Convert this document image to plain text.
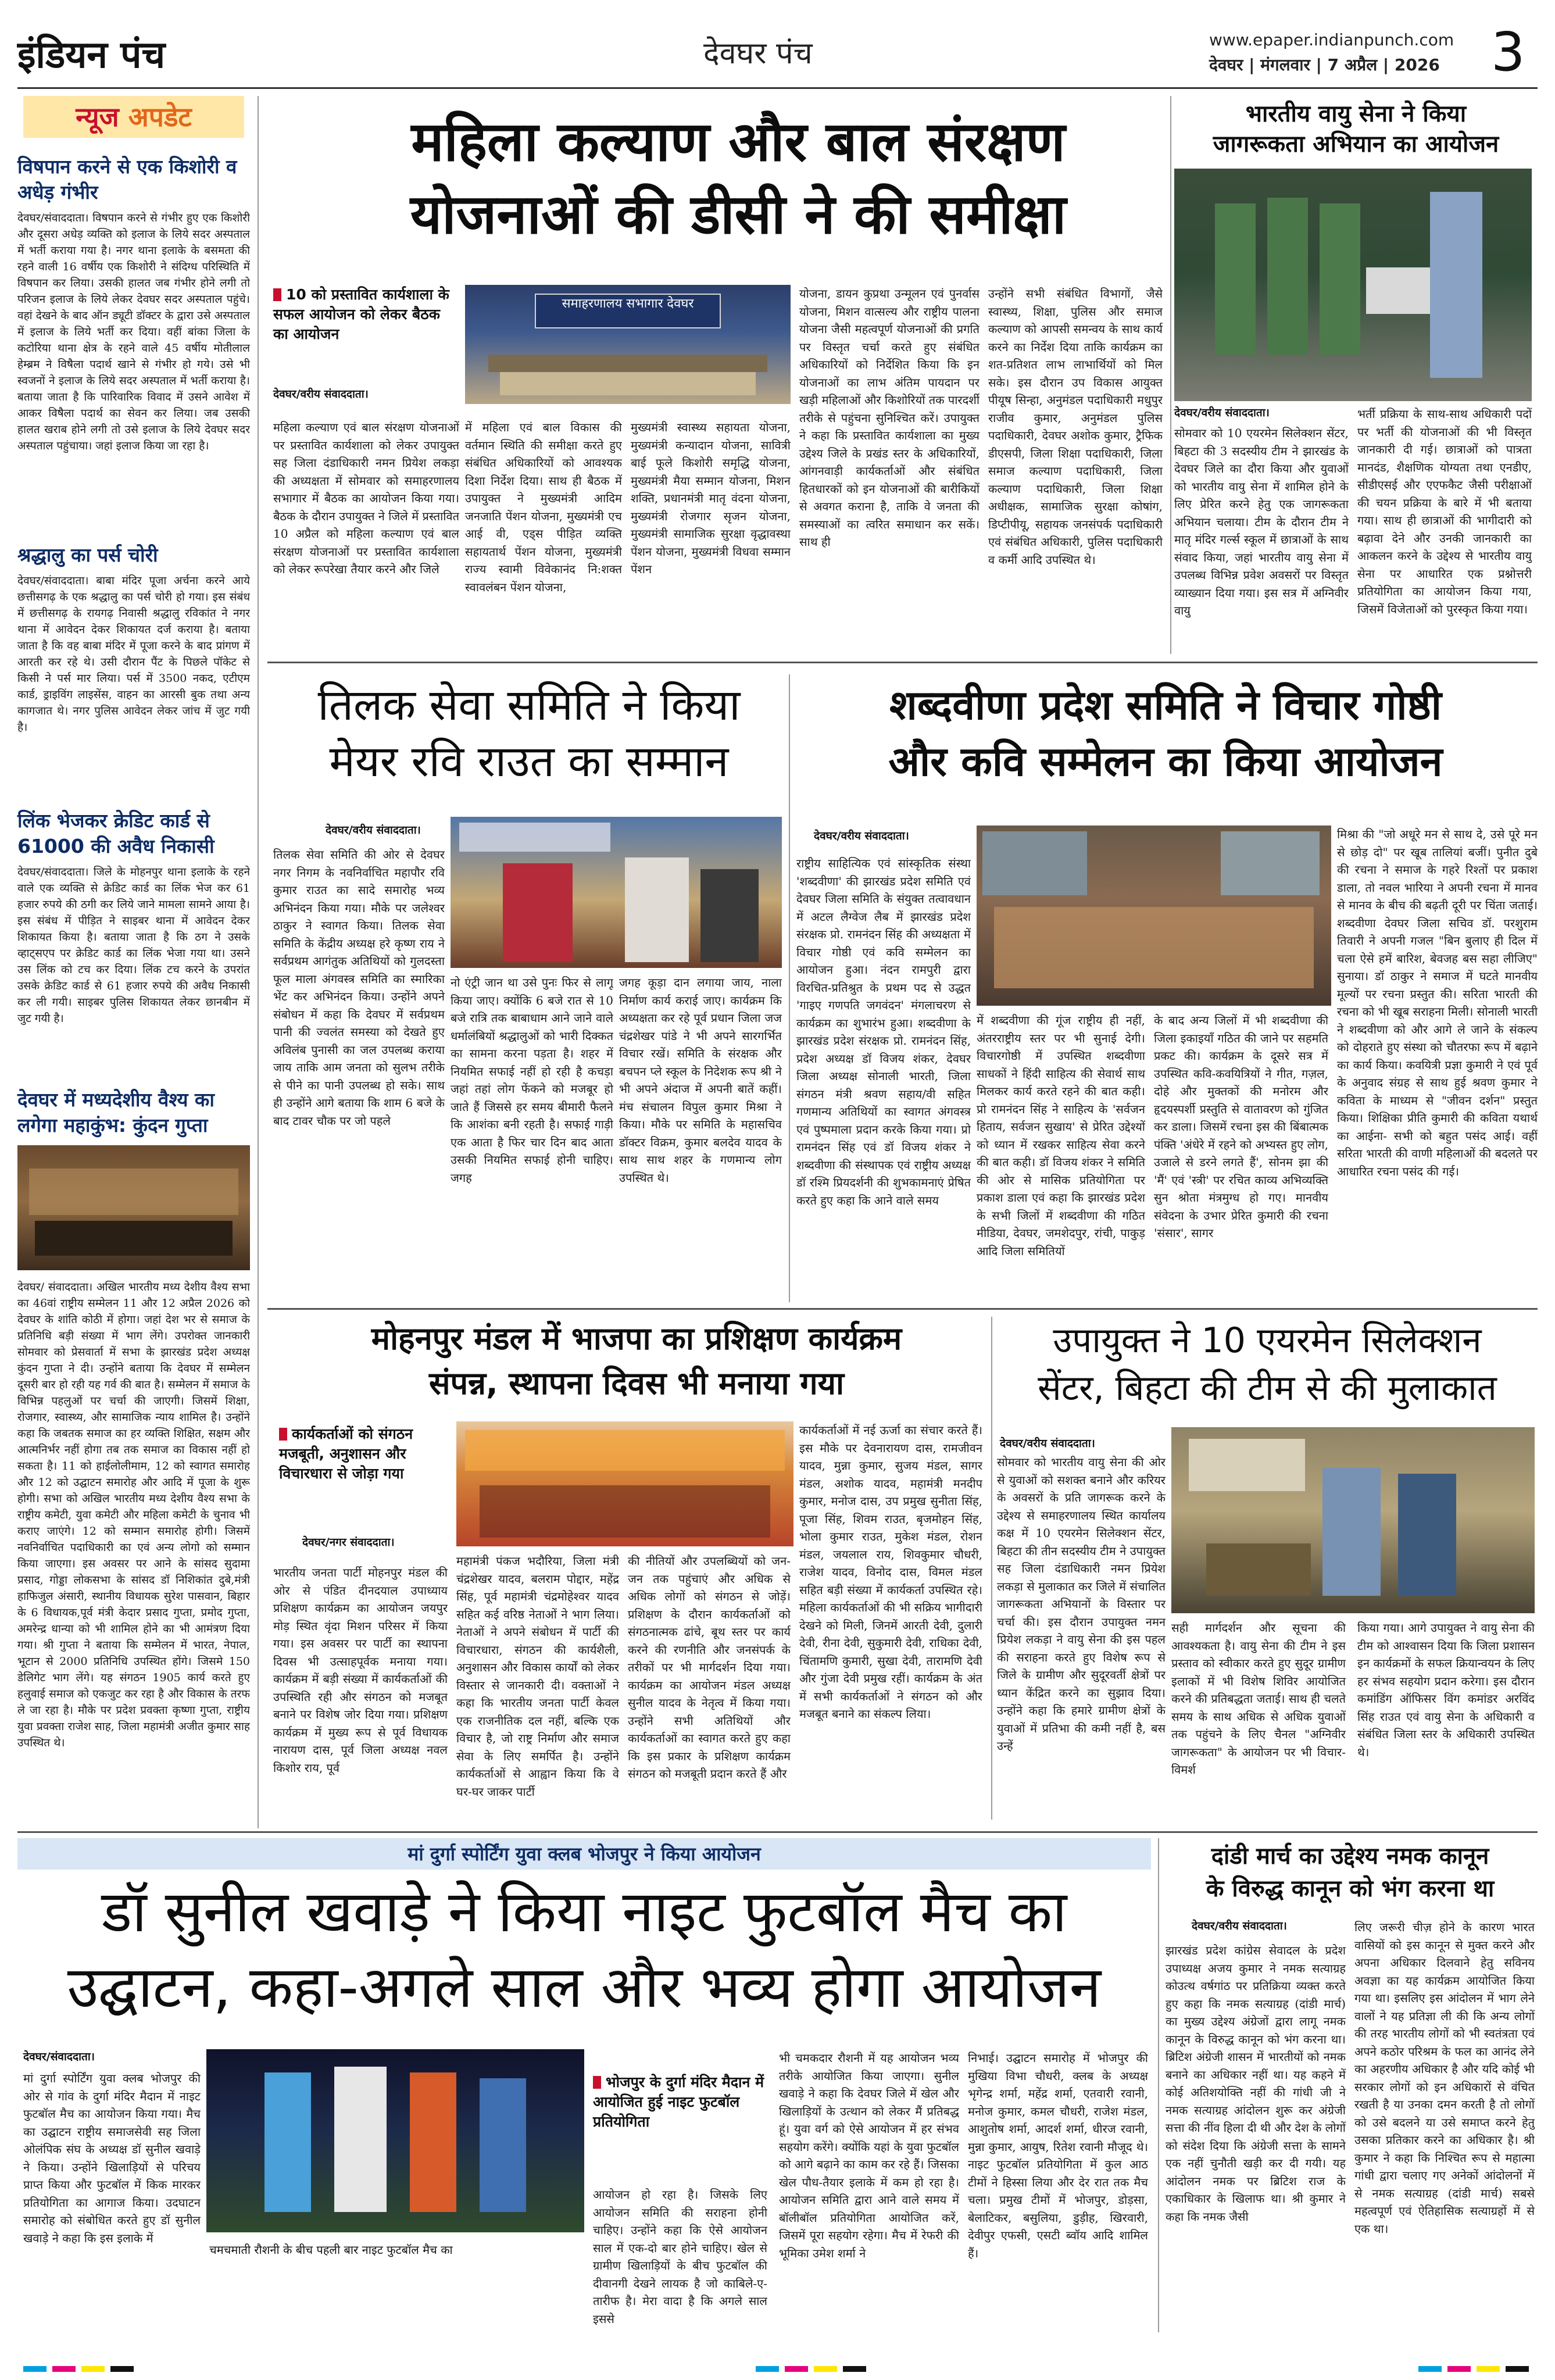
इंडियन पंच	देवघर पंच	www.epaper.indianpunch.com
देवघर | मंगलवार | 7 अप्रैल | 2026 3
न्यूज अपडेट
विषपान करने से एक किशोरी व अधेड़ गंभीर
देवघर/संवाददाता। विषपान करने से गंभीर हुए एक किशोरी और दूसरा अधेड़ व्यक्ति को इलाज के लिये सदर अस्पताल में भर्ती कराया गया है। नगर थाना इलाके के बसमता की रहने वाली 16 वर्षीय एक किशोरी ने संदिग्ध परिस्थिति में विषपान कर लिया। उसकी हालत जब गंभीर होने लगी तो परिजन इलाज के लिये लेकर देवघर सदर अस्पताल पहुंचे। वहां देखने के बाद ऑन ड्यूटी डॉक्टर के द्वारा उसे अस्पताल में इलाज के लिये भर्ती कर दिया। वहीं बांका जिला के कटोरिया थाना क्षेत्र के रहने वाले 45 वर्षीय मोतीलाल हेम्ब्रम ने विषैला पदार्थ खाने से गंभीर हो गये। उसे भी स्वजनों ने इलाज के लिये सदर अस्पताल में भर्ती कराया है। बताया जाता है कि पारिवारिक विवाद में उसने आवेश में आकर विषैला पदार्थ का सेवन कर लिया। जब उसकी हालत खराब होने लगी तो उसे इलाज के लिये देवघर सदर अस्पताल पहुंचाया। जहां इलाज किया जा रहा है।
श्रद्धालु का पर्स चोरी
देवघर/संवाददाता। बाबा मंदिर पूजा अर्चना करने आये छत्तीसगढ़ के एक श्रद्धालु का पर्स चोरी हो गया। इस संबंध में छत्तीसगढ़ के रायगढ़ निवासी श्रद्धालु रविकांत ने नगर थाना में आवेदन देकर शिकायत दर्ज कराया है। बताया जाता है कि वह बाबा मंदिर में पूजा करने के बाद प्रांगण में आरती कर रहे थे। उसी दौरान पैंट के पिछले पॉकेट से किसी ने पर्स मार लिया। पर्स में 3500 नकद, एटीएम कार्ड, ड्राइविंग लाइसेंस, वाहन का आरसी बुक तथा अन्य कागजात थे। नगर पुलिस आवेदन लेकर जांच में जुट गयी है।
लिंक भेजकर क्रेडिट कार्ड से 61000 की अवैध निकासी
देवघर/संवाददाता। जिले के मोहनपुर थाना इलाके के रहने वाले एक व्यक्ति से क्रेडिट कार्ड का लिंक भेज कर 61 हजार रुपये की ठगी कर लिये जाने मामला सामने आया है। इस संबंध में पीड़ित ने साइबर थाना में आवेदन देकर शिकायत किया है। बताया जाता है कि ठग ने उसके व्हाट्सएप पर क्रेडिट कार्ड का लिंक भेजा गया था। उसने उस लिंक को टच कर दिया। लिंक टच करने के उपरांत उसके क्रेडिट कार्ड से 61 हजार रुपये की अवैध निकासी कर ली गयी। साइबर पुलिस शिकायत लेकर छानबीन में जुट गयी है।
देवघर में मध्यदेशीय वैश्य का लगेगा महाकुंभ: कुंदन गुप्ता
देवघर/ संवाददाता। अखिल भारतीय मध्य देशीय वैश्य सभा का 46वां राष्ट्रीय सम्मेलन 11 और 12 अप्रैल 2026 को देवघर के शांति कोठी में होगा। जहां देश भर से समाज के प्रतिनिधि बड़ी संख्या में भाग लेंगे। उपरोक्त जानकारी सोमवार को प्रेसवार्ता में सभा के झारखंड प्रदेश अध्यक्ष कुंदन गुप्ता ने दी। उन्होंने बताया कि देवघर में सम्मेलन दूसरी बार हो रही यह गर्व की बात है। सम्मेलन में समाज के विभिन्न पहलुओं पर चर्चा की जाएगी। जिसमें शिक्षा, रोजगार, स्वास्थ्य, और सामाजिक न्याय शामिल है। उन्होंने कहा कि जबतक समाज का हर व्यक्ति शिक्षित, सक्षम और आत्मनिर्भर नहीं होगा तब तक समाज का विकास नहीं हो सकता है। 11 को हाईलोलीमाम, 12 को स्वागत समारोह और 12 को उद्घाटन समारोह और आदि में पूजा के शुरू होगी। सभा को अखिल भारतीय मध्य देशीय वैश्य सभा के राष्ट्रीय कमेटी, युवा कमेटी और महिला कमेटी के चुनाव भी कराए जाएंगे। 12 को सम्मान समारोह होगी। जिसमें नवनिर्वाचित पदाधिकारी का एवं अन्य लोगो को सम्मान किया जाएगा। इस अवसर पर आने के सांसद सुदामा प्रसाद, गोड्डा लोकसभा के सांसद डॉ निशिकांत दुबे,मंत्री हाफिजुल अंसारी, स्थानीय विधायक सुरेश पासवान, बिहार के 6 विधायक,पूर्व मंत्री केदार प्रसाद गुप्ता, प्रमोद गुप्ता, अमरेन्द्र धान्या को भी शामिल होने का भी आमंत्रण दिया गया। श्री गुप्ता ने बताया कि सम्मेलन में भारत, नेपाल, भूटान से 2000 प्रतिनिधि उपस्थित होंगे। जिसमे 150 डेलिगेट भाग लेंगे। यह संगठन 1905 कार्य करते हुए हलुवाई समाज को एकजुट कर रहा है और विकास के तरफ ले जा रहा है। मौके पर प्रदेश प्रवक्ता कृष्णा गुप्ता, राष्ट्रीय युवा प्रवक्ता राजेश साह, जिला महामंत्री अजीत कुमार साह उपस्थित थे।
महिला कल्याण और बाल संरक्षण
योजनाओं की डीसी ने की समीक्षा
10 को प्रस्तावित कार्यशाला के सफल आयोजन को लेकर बैठक का आयोजन
देवघर/वरीय संवाददाता।
समाहरणालय सभागार देवघर
महिला कल्याण एवं बाल संरक्षण योजनाओं पर प्रस्तावित कार्यशाला को लेकर उपायुक्त सह जिला दंडाधिकारी नमन प्रियेश लकड़ा की अध्यक्षता में सोमवार को समाहरणालय सभागार में बैठक का आयोजन किया गया। बैठक के दौरान उपायुक्त ने जिले में प्रस्तावित 10 अप्रैल को महिला कल्याण एवं बाल संरक्षण योजनाओं पर प्रस्तावित कार्यशाला को लेकर रूपरेखा तैयार करने और जिले
में महिला एवं बाल विकास की वर्तमान स्थिति की समीक्षा करते हुए संबंधित अधिकारियों को आवश्यक दिशा निर्देश दिया। साथ ही बैठक में उपायुक्त ने मुख्यमंत्री आदिम जनजाति पेंशन योजना, मुख्यमंत्री एच आई वी, एड्स पीड़ित व्यक्ति सहायतार्थ पेंशन योजना, मुख्यमंत्री राज्य स्वामी विवेकानंद नि:शक्त स्वावलंबन पेंशन योजना,
मुख्यमंत्री स्वास्थ्य सहायता योजना, मुख्यमंत्री कन्यादान योजना, सावित्री बाई फूले किशोरी समृद्धि योजना, मुख्यमंत्री मैया सम्मान योजना, मिशन शक्ति, प्रधानमंत्री मातृ वंदना योजना, मुख्यमंत्री रोजगार सृजन योजना, मुख्यमंत्री सामाजिक सुरक्षा वृद्धावस्था पेंशन योजना, मुख्यमंत्री विधवा सम्मान पेंशन
योजना, डायन कुप्रथा उन्मूलन एवं पुनर्वास योजना, मिशन वात्सल्य और राष्ट्रीय पालना योजना जैसी महत्वपूर्ण योजनाओं की प्रगति पर विस्तृत चर्चा करते हुए संबंधित अधिकारियों को निर्देशित किया कि इन योजनाओं का लाभ अंतिम पायदान पर खड़ी महिलाओं और किशोरियों तक पारदर्शी तरीके से पहुंचना सुनिश्चित करें। उपायुक्त ने कहा कि प्रस्तावित कार्यशाला का मुख्य उद्देश्य जिले के प्रखंड स्तर के अधिकारियों, आंगनवाड़ी कार्यकर्ताओं और संबंधित हितधारकों को इन योजनाओं की बारीकियों से अवगत कराना है, ताकि वे जनता की समस्याओं का त्वरित समाधान कर सकें। साथ ही
उन्होंने सभी संबंधित विभागों, जैसे स्वास्थ्य, शिक्षा, पुलिस और समाज कल्याण को आपसी समन्वय के साथ कार्य करने का निर्देश दिया ताकि कार्यक्रम का शत-प्रतिशत लाभ लाभार्थियों को मिल सके। इस दौरान उप विकास आयुक्त पीयूष सिन्हा, अनुमंडल पदाधिकारी मधुपुर राजीव कुमार, अनुमंडल पुलिस पदाधिकारी, देवघर अशोक कुमार, ट्रैफिक डीएसपी, जिला शिक्षा पदाधिकारी, जिला समाज कल्याण पदाधिकारी, जिला कल्याण पदाधिकारी, जिला शिक्षा अधीक्षक, सामाजिक सुरक्षा कोषांग, डिप्टीपीयू, सहायक जनसंपर्क पदाधिकारी एवं संबंधित अधिकारी, पुलिस पदाधिकारी व कर्मी आदि उपस्थित थे।
भारतीय वायु सेना ने किया
जागरूकता अभियान का आयोजन
देवघर/वरीय संवाददाता।
सोमवार को 10 एयरमेन सिलेक्शन सेंटर, बिहटा की 3 सदस्यीय टीम ने झारखंड के देवघर जिले का दौरा किया और युवाओं को भारतीय वायु सेना में शामिल होने के लिए प्रेरित करने हेतु एक जागरूकता अभियान चलाया। टीम के दौरान टीम ने मातृ मंदिर गर्ल्स स्कूल में छात्राओं के साथ संवाद किया, जहां भारतीय वायु सेना में उपलब्ध विभिन्न प्रवेश अवसरों पर विस्तृत व्याख्यान दिया गया। इस सत्र में अग्निवीर वायु
भर्ती प्रक्रिया के साथ-साथ अधिकारी पदों पर भर्ती की योजनाओं की भी विस्तृत जानकारी दी गई। छात्राओं को पात्रता मानदंड, शैक्षणिक योग्यता तथा एनडीए, सीडीएसई और एएफकैट जैसी परीक्षाओं की चयन प्रक्रिया के बारे में भी बताया गया। साथ ही छात्राओं की भागीदारी को बढ़ावा देने और उनकी जानकारी का आकलन करने के उद्देश्य से भारतीय वायु सेना पर आधारित एक प्रश्नोत्तरी प्रतियोगिता का आयोजन किया गया, जिसमें विजेताओं को पुरस्कृत किया गया।
तिलक सेवा समिति ने किया
मेयर रवि राउत का सम्मान
देवघर/वरीय संवाददाता।
तिलक सेवा समिति की ओर से देवघर नगर निगम के नवनिर्वाचित महापौर रवि कुमार राउत का सादे समारोह भव्य अभिनंदन किया गया। मौके पर जलेश्वर ठाकुर ने स्वागत किया। तिलक सेवा समिति के केंद्रीय अध्यक्ष हरे कृष्ण राय ने सर्वप्रथम आगंतुक अतिथियों को गुलदस्ता फूल माला अंगवस्त्र समिति का स्मारिका भेंट कर अभिनंदन किया। उन्होंने अपने संबोधन में कहा कि देवघर में सर्वप्रथम पानी की ज्वलंत समस्या को देखते हुए अविलंब पुनासी का जल उपलब्ध कराया जाय ताकि आम जनता को सुलभ तरीके से पीने का पानी उपलब्ध हो सके। साथ ही उन्होंने आगे बताया कि शाम 6 बजे के बाद टावर चौक पर जो पहले
नो एंट्री जान था उसे पुनः फिर से लागू किया जाए। क्योंकि 6 बजे रात से 10 बजे रात्रि तक बाबाधाम आने जाने वाले धर्मालंबियों श्रद्धालुओं को भारी दिक्कत का सामना करना पड़ता है। शहर में नियमित सफाई नहीं हो रही है कचड़ा जहां तहां लोग फेंकने को मजबूर हो जाते हैं जिससे हर समय बीमारी फैलने कि आशंका बनी रहती है। सफाई गाड़ी एक आता है फिर चार दिन बाद आता उसकी नियमित सफाई होनी चाहिए। जगह
जगह कूड़ा दान लगाया जाय, नाला निर्माण कार्य कराई जाए। कार्यक्रम कि अध्यक्षता कर रहे पूर्व प्रधान जिला जज चंद्रशेखर पांडे ने भी अपने सारगर्भित विचार रखें। समिति के संरक्षक और बचपन प्ले स्कूल के निदेशक रूप श्री ने भी अपने अंदाज में अपनी बातें कहीं। मंच संचालन विपुल कुमार मिश्रा ने किया। मौके पर समिति के महासचिव डॉक्टर विक्रम, कुमार बलदेव यादव के साथ साथ शहर के गणमान्य लोग उपस्थित थे।
शब्दवीणा प्रदेश समिति ने विचार गोष्ठी
और कवि सम्मेलन का किया आयोजन
देवघर/वरीय संवाददाता।
राष्ट्रीय साहित्यिक एवं सांस्कृतिक संस्था 'शब्दवीणा' की झारखंड प्रदेश समिति एवं देवघर जिला समिति के संयुक्त तत्वावधान में अटल लैग्वेज लैब में झारखंड प्रदेश संरक्षक प्रो. रामनंदन सिंह की अध्यक्षता में विचार गोष्ठी एवं कवि सम्मेलन का आयोजन हुआ। नंदन रामपुरी द्वारा विरचित-प्रतिश्रुत के प्रथम पद से उद्धत 'गाइए गणपति जगवंदन' मंगलाचरण से कार्यक्रम का शुभारंभ हुआ। शब्दवीणा के झारखंड प्रदेश संरक्षक प्रो. रामनंदन सिंह, प्रदेश अध्यक्ष डॉ विजय शंकर, देवघर जिला अध्यक्ष सोनाली भारती, जिला संगठन मंत्री श्रवण सहाय/वी सहित गणमान्य अतिथियों का स्वागत अंगवस्त्र एवं पुष्पमाला प्रदान करके किया गया। प्रो रामनंदन सिंह एवं डॉ विजय शंकर ने शब्दवीणा की संस्थापक एवं राष्ट्रीय अध्यक्ष डॉ रश्मि प्रियदर्शनी की शुभकामनाएं प्रेषित करते हुए कहा कि आने वाले समय
में शब्दवीणा की गूंज राष्ट्रीय ही नहीं, अंतरराष्ट्रीय स्तर पर भी सुनाई देगी। विचारगोष्ठी में उपस्थित शब्दवीणा साधकों ने हिंदी साहित्य की सेवार्थ साथ मिलकर कार्य करते रहने की बात कही। प्रो रामनंदन सिंह ने साहित्य के 'सर्वजन हिताय, सर्वजन सुखाय' से प्रेरित उद्देश्यों को ध्यान में रखकर साहित्य सेवा करने की बात कही। डॉ विजय शंकर ने समिति की ओर से मासिक प्रतियोगिता पर प्रकाश डाला एवं कहा कि झारखंड प्रदेश के सभी जिलों में शब्दवीणा की गठित मीडिया, देवघर, जमशेदपुर, रांची, पाकुड़ आदि जिला समितियों
के बाद अन्य जिलों में भी शब्दवीणा की जिला इकाइयाँ गठित की जाने पर सहमति प्रकट की। कार्यक्रम के दूसरे सत्र में उपस्थित कवि-कवयित्रियों ने गीत, गज़ल, दोहे और मुक्तकों की मनोरम और हृदयस्पर्शी प्रस्तुति से वातावरण को गुंजित कर डाला। जिसमें रचना इस की बिंबात्मक पंक्ति 'अंधेरे में रहने को अभ्यस्त हुए लोग, उजाले से डरने लगते हैं', सोनम झा की 'मैं' एवं 'स्त्री' पर रचित काव्य अभिव्यक्ति सुन श्रोता मंत्रमुग्ध हो गए। मानवीय संवेदना के उभार प्रेरित कुमारी की रचना 'संसार', सागर
मिश्रा की "जो अधूरे मन से साथ दे, उसे पूरे मन से छोड़ दो" पर खूब तालियां बजीं। पुनीत दुबे की रचना ने समाज के गहरे रिश्तों पर प्रकाश डाला, तो नवल भारिया ने अपनी रचना में मानव से मानव के बीच की बढ़ती दूरी पर चिंता जताई। शब्दवीणा देवघर जिला सचिव डॉ. परशुराम तिवारी ने अपनी गजल "बिन बुलाए ही दिल में चला ऐसे हमें बारिश, बेवजह बस सहा लीजिए" सुनाया। डॉ ठाकुर ने समाज में घटते मानवीय मूल्यों पर रचना प्रस्तुत की। सरिता भारती की रचना को भी खूब सराहना मिली। सोनाली भारती ने शब्दवीणा को और आगे ले जाने के संकल्प को दोहराते हुए संस्था को चौतरफा रूप में बढ़ाने का कार्य किया। कवयित्री प्रज्ञा कुमारी ने एवं पूर्व के अनुवाद संग्रह से साथ हुई श्रवण कुमार ने कविता के माध्यम से "जीवन दर्शन" प्रस्तुत किया। शिक्षिका प्रीति कुमारी की कविता यथार्थ का आईना- सभी को बहुत पसंद आई। वहीं सरिता भारती की वाणी महिलाओं की बदलते पर आधारित रचना पसंद की गई।
मोहनपुर मंडल में भाजपा का प्रशिक्षण कार्यक्रम
संपन्न, स्थापना दिवस भी मनाया गया
कार्यकर्ताओं को संगठन मजबूती, अनुशासन और विचारधारा से जोड़ा गया
देवघर/नगर संवाददाता।
भारतीय जनता पार्टी मोहनपुर मंडल की ओर से पंडित दीनदयाल उपाध्याय प्रशिक्षण कार्यक्रम का आयोजन जयपुर मोड़ स्थित वृंदा मिशन परिसर में किया गया। इस अवसर पर पार्टी का स्थापना दिवस भी उत्साहपूर्वक मनाया गया। कार्यक्रम में बड़ी संख्या में कार्यकर्ताओं की उपस्थिति रही और संगठन को मजबूत बनाने पर विशेष जोर दिया गया। प्रशिक्षण कार्यक्रम में मुख्य रूप से पूर्व विधायक नारायण दास, पूर्व जिला अध्यक्ष नवल किशोर राय, पूर्व
महामंत्री पंकज भदौरिया, जिला मंत्री चंद्रशेखर यादव, बलराम पोद्दार, महेंद्र सिंह, पूर्व महामंत्री चंद्रमोहेश्वर यादव सहित कई वरिष्ठ नेताओं ने भाग लिया। नेताओं ने अपने संबोधन में पार्टी की विचारधारा, संगठन की कार्यशैली, अनुशासन और विकास कार्यों को लेकर विस्तार से जानकारी दी। वक्ताओं ने कहा कि भारतीय जनता पार्टी केवल एक राजनीतिक दल नहीं, बल्कि एक विचार है, जो राष्ट्र निर्माण और समाज सेवा के लिए समर्पित है। उन्होंने कार्यकर्ताओं से आह्वान किया कि वे घर-घर जाकर पार्टी
की नीतियों और उपलब्धियों को जन-जन तक पहुंचाएं और अधिक से अधिक लोगों को संगठन से जोड़ें। प्रशिक्षण के दौरान कार्यकर्ताओं को संगठनात्मक ढांचे, बूथ स्तर पर कार्य करने की रणनीति और जनसंपर्क के तरीकों पर भी मार्गदर्शन दिया गया। कार्यक्रम का आयोजन मंडल अध्यक्ष सुनील यादव के नेतृत्व में किया गया। उन्होंने सभी अतिथियों और कार्यकर्ताओं का स्वागत करते हुए कहा कि इस प्रकार के प्रशिक्षण कार्यक्रम संगठन को मजबूती प्रदान करते हैं और
कार्यकर्ताओं में नई ऊर्जा का संचार करते हैं। इस मौके पर देवनारायण दास, रामजीवन यादव, मुन्ना कुमार, सुजय मंडल, सागर मंडल, अशोक यादव, महामंत्री मनदीप कुमार, मनोज दास, उप प्रमुख सुनीता सिंह, पूजा सिंह, शिवम राउत, बृजमोहन सिंह, भोला कुमार राउत, मुकेश मंडल, रोशन मंडल, जयलाल राय, शिवकुमार चौधरी, राजेश यादव, विनोद दास, विमल मंडल सहित बड़ी संख्या में कार्यकर्ता उपस्थित रहे। महिला कार्यकर्ताओं की भी सक्रिय भागीदारी देखने को मिली, जिनमें आरती देवी, दुलारी देवी, रीना देवी, सुकुमारी देवी, राधिका देवी, चिंतामणि कुमारी, सुखा देवी, तारामणि देवी और गुंजा देवी प्रमुख रहीं। कार्यक्रम के अंत में सभी कार्यकर्ताओं ने संगठन को और मजबूत बनाने का संकल्प लिया।
उपायुक्त ने 10 एयरमेन सिलेक्शन
सेंटर, बिहटा की टीम से की मुलाकात
देवघर/वरीय संवाददाता।
सोमवार को भारतीय वायु सेना की ओर से युवाओं को सशक्त बनाने और करियर के अवसरों के प्रति जागरूक करने के उद्देश्य से समाहरणालय स्थित कार्यालय कक्ष में 10 एयरमेन सिलेक्शन सेंटर, बिहटा की तीन सदस्यीय टीम ने उपायुक्त सह जिला दंडाधिकारी नमन प्रियेश लकड़ा से मुलाकात कर जिले में संचालित जागरूकता अभियानों के विस्तार पर चर्चा की। इस दौरान उपायुक्त नमन प्रियेश लकड़ा ने वायु सेना की इस पहल की सराहना करते हुए विशेष रूप से जिले के ग्रामीण और सुदूरवर्ती क्षेत्रों पर ध्यान केंद्रित करने का सुझाव दिया। उन्होंने कहा कि हमारे ग्रामीण क्षेत्रों के युवाओं में प्रतिभा की कमी नहीं है, बस उन्हें
सही मार्गदर्शन और सूचना की आवश्यकता है। वायु सेना की टीम ने इस प्रस्ताव को स्वीकार करते हुए सुदूर ग्रामीण इलाकों में भी विशेष शिविर आयोजित करने की प्रतिबद्धता जताई। साथ ही चलते समय के साथ अधिक से अधिक युवाओं तक पहुंचने के लिए चैनल "अग्निवीर जागरूकता" के आयोजन पर भी विचार-विमर्श
किया गया। आगे उपायुक्त ने वायु सेना की टीम को आश्वासन दिया कि जिला प्रशासन इन कार्यक्रमों के सफल क्रियान्वयन के लिए हर संभव सहयोग प्रदान करेगा। इस दौरान कमांडिंग ऑफिसर विंग कमांडर अरविंद सिंह राउत एवं वायु सेना के अधिकारी व संबंधित जिला स्तर के अधिकारी उपस्थित थे।
मां दुर्गा स्पोर्टिंग युवा क्लब भोजपुर ने किया आयोजन
डॉ सुनील खवाड़े ने किया नाइट फुटबॉल मैच का
उद्घाटन, कहा-अगले साल और भव्य होगा आयोजन
देवघर/संवाददाता।
भोजपुर के दुर्गा मंदिर मैदान में आयोजित हुई नाइट फुटबॉल प्रतियोगिता
मां दुर्गा स्पोर्टिंग युवा क्लब भोजपुर की ओर से गांव के दुर्गा मंदिर मैदान में नाइट फुटबॉल मैच का आयोजन किया गया। मैच का उद्घाटन राष्ट्रीय समाजसेवी सह जिला ओलंपिक संघ के अध्यक्ष डॉ सुनील खवाड़े ने किया। उन्होंने खिलाड़ियों से परिचय प्राप्त किया और फुटबॉल में किक मारकर प्रतियोगिता का आगाज किया। उदघाटन समारोह को संबोधित करते हुए डॉ सुनील खवाड़े ने कहा कि इस इलाके में
आयोजन हो रहा है। जिसके लिए आयोजन समिति की सराहना होनी चाहिए। उन्होंने कहा कि ऐसे आयोजन साल में एक-दो बार होने चाहिए। खेल से ग्रामीण खिलाड़ियों के बीच फुटबॉल की दीवानगी देखने लायक है जो काबिले-ए-तारीफ है। मेरा वादा है कि अगले साल इससे
भी चमकदार रौशनी में यह आयोजन भव्य तरीके आयोजित किया जाएगा। सुनील खवाड़े ने कहा कि देवघर जिले में खेल और खिलाड़ियों के उत्थान को लेकर मैं प्रतिबद्ध हूं। युवा वर्ग को ऐसे आयोजन में हर संभव सहयोग करेंगे। क्योंकि यहां के युवा फुटबॉल को आगे बढ़ाने का काम कर रहे हैं। जिसका खेल पौध-तैयार इलाके में कम हो रहा है। आयोजन समिति द्वारा आने वाले समय में बॉलीबॉल प्रतियोगिता आयोजित करें, जिसमें पूरा सहयोग रहेगा। मैच में रेफरी की भूमिका उमेश शर्मा ने
निभाई। उद्घाटन समारोह में भोजपुर की मुखिया विभा चौधरी, क्लब के अध्यक्ष भृगेन्द्र शर्मा, महेंद्र शर्मा, एतवारी रवानी, मनोज कुमार, कमल चौधरी, राजेश मंडल, आशुतोष शर्मा, आदर्श शर्मा, धीरज रवानी, मुन्ना कुमार, आयुष, रितेश रवानी मौजूद थे। नाइट फुटबॉल प्रतियोगिता में कुल आठ टीमों ने हिस्सा लिया और देर रात तक मैच चला। प्रमुख टीमों में भोजपुर, डोड़सा, बेलाटिकर, बसुलिया, डुड़ीह, खिरवारी, देवीपुर एफसी, एसटी ब्वॉय आदि शामिल हैं।
चमचमाती रौशनी के बीच पहली बार नाइट फुटबॉल मैच का
दांडी मार्च का उद्देश्य नमक कानून
के विरुद्ध कानून को भंग करना था
देवघर/वरीय संवाददाता।
झारखंड प्रदेश कांग्रेस सेवादल के प्रदेश उपाध्यक्ष अजय कुमार ने नमक सत्याग्रह कोउत्थ वर्षगांठ पर प्रतिक्रिया व्यक्त करते हुए कहा कि नमक सत्याग्रह (दांडी मार्च) का मुख्य उद्देश्य अंग्रेजों द्वारा लागू नमक कानून के विरुद्ध कानून को भंग करना था। ब्रिटिश अंग्रेजी शासन में भारतीयों को नमक बनाने का अधिकार नहीं था। यह कहने में कोई अतिशयोक्ति नहीं की गांधी जी ने नमक सत्याग्रह आंदोलन शुरू कर अंग्रेजी सत्ता की नींव हिला दी थी और देश के लोगों को संदेश दिया कि अंग्रेजी सत्ता के सामने एक नहीं चुनौती खड़ी कर दी गयी। यह आंदोलन नमक पर ब्रिटिश राज के एकाधिकार के खिलाफ था। श्री कुमार ने कहा कि नमक जैसी
लिए जरूरी चीज़ होने के कारण भारत वासियों को इस कानून से मुक्त करने और अपना अधिकार दिलवाने हेतु सविनय अवज्ञा का यह कार्यक्रम आयोजित किया गया था। इसलिए इस आंदोलन में भाग लेने वालों ने यह प्रतिज्ञा ली की कि अन्य लोगों की तरह भारतीय लोगों को भी स्वतंत्रता एवं अपने कठोर परिश्रम के फल का आनंद लेने का अहरणीय अधिकार है और यदि कोई भी सरकार लोगों को इन अधिकारों से वंचित रखती है या उनका दमन करती है तो लोगों को उसे बदलने या उसे समाप्त करने हेतु उसका प्रतिकार करने का अधिकार है। श्री कुमार ने कहा कि निश्चित रूप से महात्मा गांधी द्वारा चलाए गए अनेकों आंदोलनों में से नमक सत्याग्रह (दांडी मार्च) सबसे महत्वपूर्ण एवं ऐतिहासिक सत्याग्रहों में से एक था।
